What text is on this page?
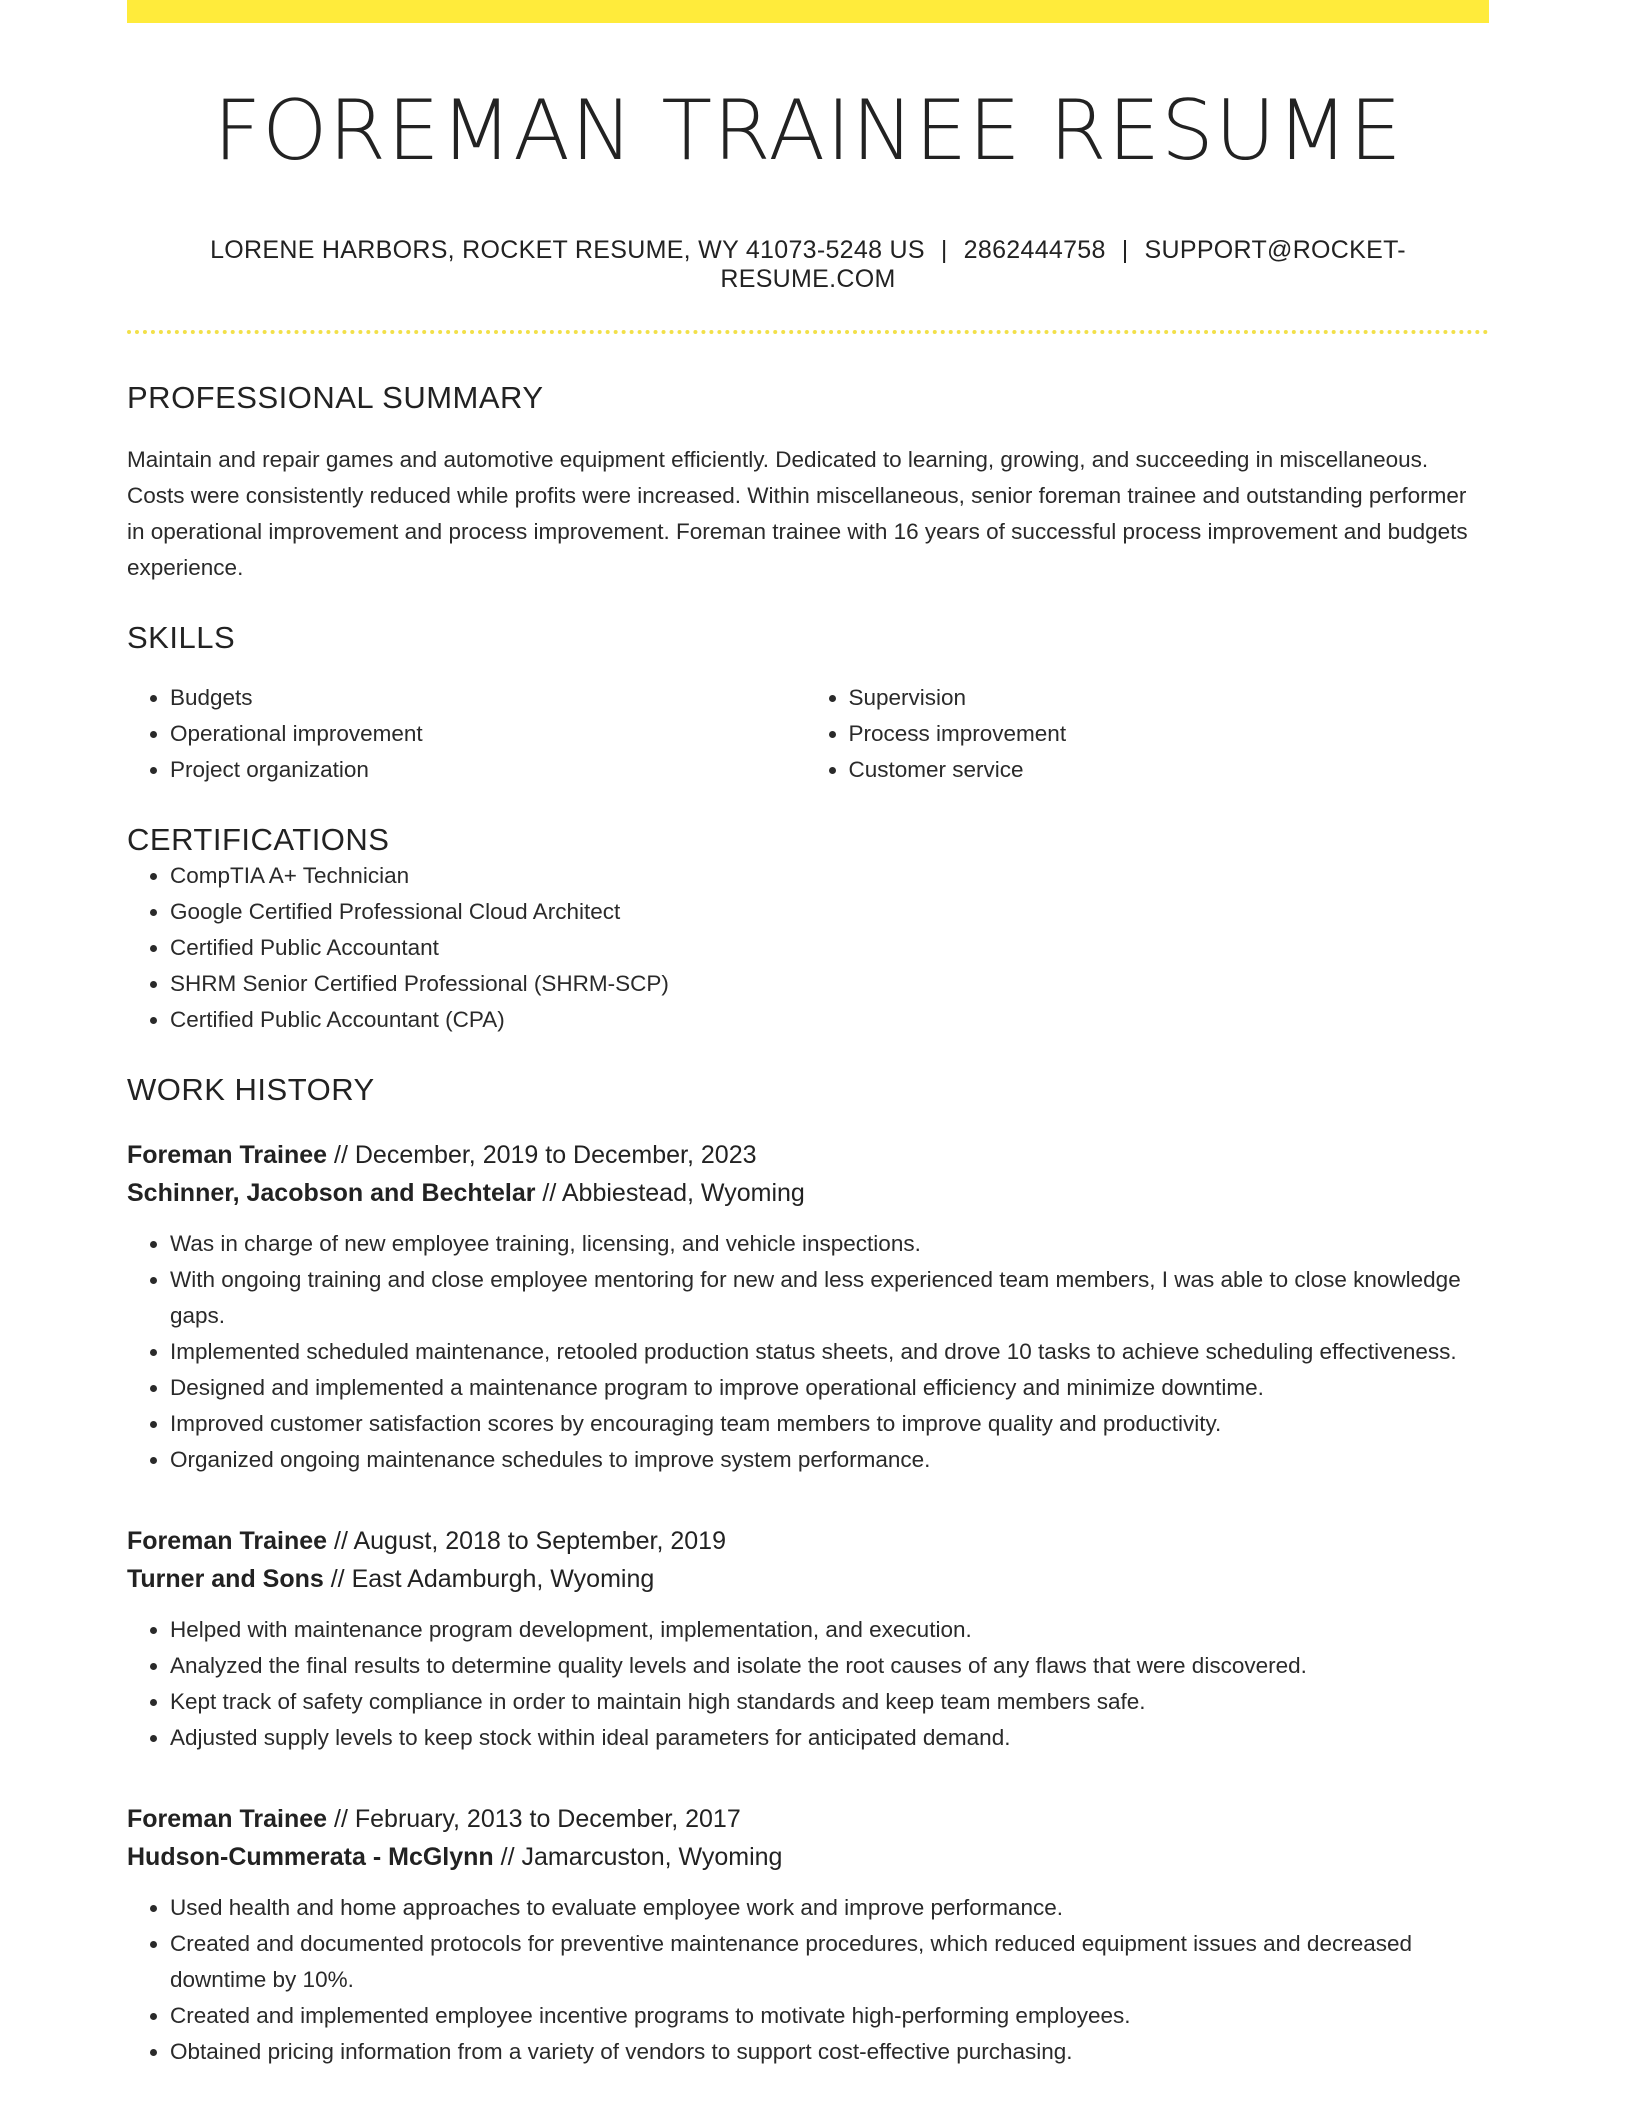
FOREMAN TRAINEE RESUME
LORENE HARBORS, ROCKET RESUME, WY 41073-5248 US | 2862444758 | SUPPORT@ROCKET-RESUME.COM
PROFESSIONAL SUMMARY

Maintain and repair games and automotive equipment efficiently. Dedicated to learning, growing, and succeeding in miscellaneous. Costs were consistently reduced while profits were increased. Within miscellaneous, senior foreman trainee and outstanding performer in operational improvement and process improvement. Foreman trainee with 16 years of successful process improvement and budgets experience.

SKILLS
• Budgets
• Operational improvement
• Project organization
• Supervision
• Process improvement
• Customer service
CERTIFICATIONS
• CompTIA A+ Technician
• Google Certified Professional Cloud Architect
• Certified Public Accountant
• SHRM Senior Certified Professional (SHRM-SCP)
• Certified Public Accountant (CPA)
WORK HISTORY
Foreman Trainee // December, 2019 to December, 2023
Schinner, Jacobson and Bechtelar // Abbiestead, Wyoming
• Was in charge of new employee training, licensing, and vehicle inspections.
• With ongoing training and close employee mentoring for new and less experienced team members, I was able to close knowledge gaps.
• Implemented scheduled maintenance, retooled production status sheets, and drove 10 tasks to achieve scheduling effectiveness.
• Designed and implemented a maintenance program to improve operational efficiency and minimize downtime.
• Improved customer satisfaction scores by encouraging team members to improve quality and productivity.
• Organized ongoing maintenance schedules to improve system performance.
Foreman Trainee // August, 2018 to September, 2019
Turner and Sons // East Adamburgh, Wyoming
• Helped with maintenance program development, implementation, and execution.
• Analyzed the final results to determine quality levels and isolate the root causes of any flaws that were discovered.
• Kept track of safety compliance in order to maintain high standards and keep team members safe.
• Adjusted supply levels to keep stock within ideal parameters for anticipated demand.
Foreman Trainee // February, 2013 to December, 2017
Hudson-Cummerata - McGlynn // Jamarcuston, Wyoming
• Used health and home approaches to evaluate employee work and improve performance.
• Created and documented protocols for preventive maintenance procedures, which reduced equipment issues and decreased downtime by 10%.
• Created and implemented employee incentive programs to motivate high-performing employees.
• Obtained pricing information from a variety of vendors to support cost-effective purchasing.
